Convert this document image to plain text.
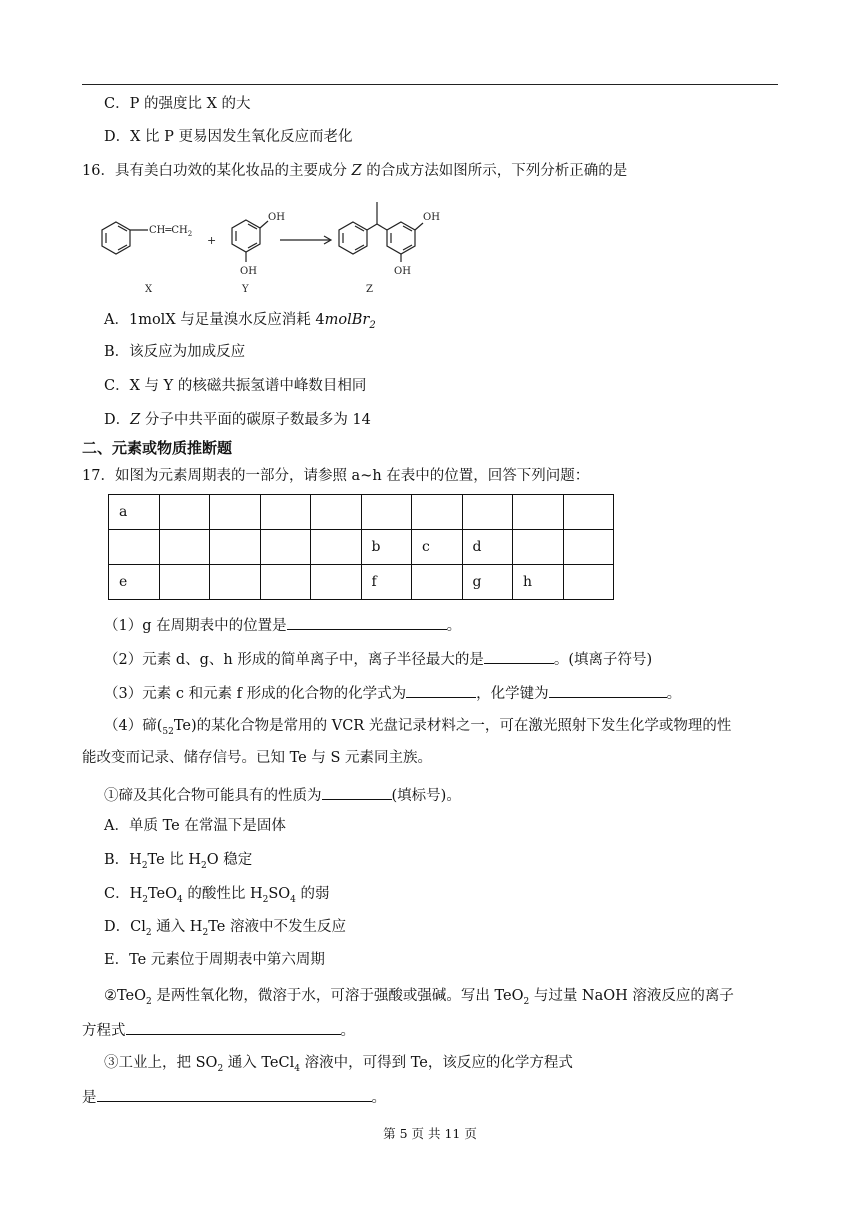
C．P 的强度比 X 的大
D．X 比 P 更易因发生氧化反应而老化
16．具有美白功效的某化妆品的主要成分 Z 的合成方法如图所示，下列分析正确的是
$CH═CH_2$ +
OH
OH
OH
OH
X	Y	Z
A．1molX 与足量溴水反应消耗 4molBr$_2$
B．该反应为加成反应
C．X 与 Y 的核磁共振氢谱中峰数目相同
D．Z 分子中共平面的碳原子数最多为 14
二、元素或物质推断题
17．如图为元素周期表的一部分，请参照 a~h 在表中的位置，回答下列问题：
a									
					b	c	d		
e					f		g	h	
（1）g 在周期表中的位置是	。
（2）元素 d、g、h 形成的简单离子中，离子半径最大的是	。(填离子符号)
（3）元素 c 和元素 f 形成的化合物的化学式为	，化学键为	。
（4）碲$(_{52}Te)$的某化合物是常用的 VCR 光盘记录材料之一，可在激光照射下发生化学或物理的性
能改变而记录、储存信号。已知 Te 与 S 元素同主族。
①碲及其化合物可能具有的性质为	(填标号)。
A．单质 Te 在常温下是固体
B．$H_2Te$ 比 $H_2O$ 稳定
C．$H_2TeO_4$ 的酸性比 $H_2SO_4$ 的弱
D．$Cl_2$ 通入 $H_2Te$ 溶液中不发生反应
E．Te 元素位于周期表中第六周期
②TeO$_2$ 是两性氧化物，微溶于水，可溶于强酸或强碱。写出 TeO$_2$ 与过量 NaOH 溶液反应的离子
方程式	。
③工业上，把 $SO_2$ 通入 TeCl$_4$ 溶液中，可得到 Te，该反应的化学方程式
是	。
第 5 页 共 11 页
